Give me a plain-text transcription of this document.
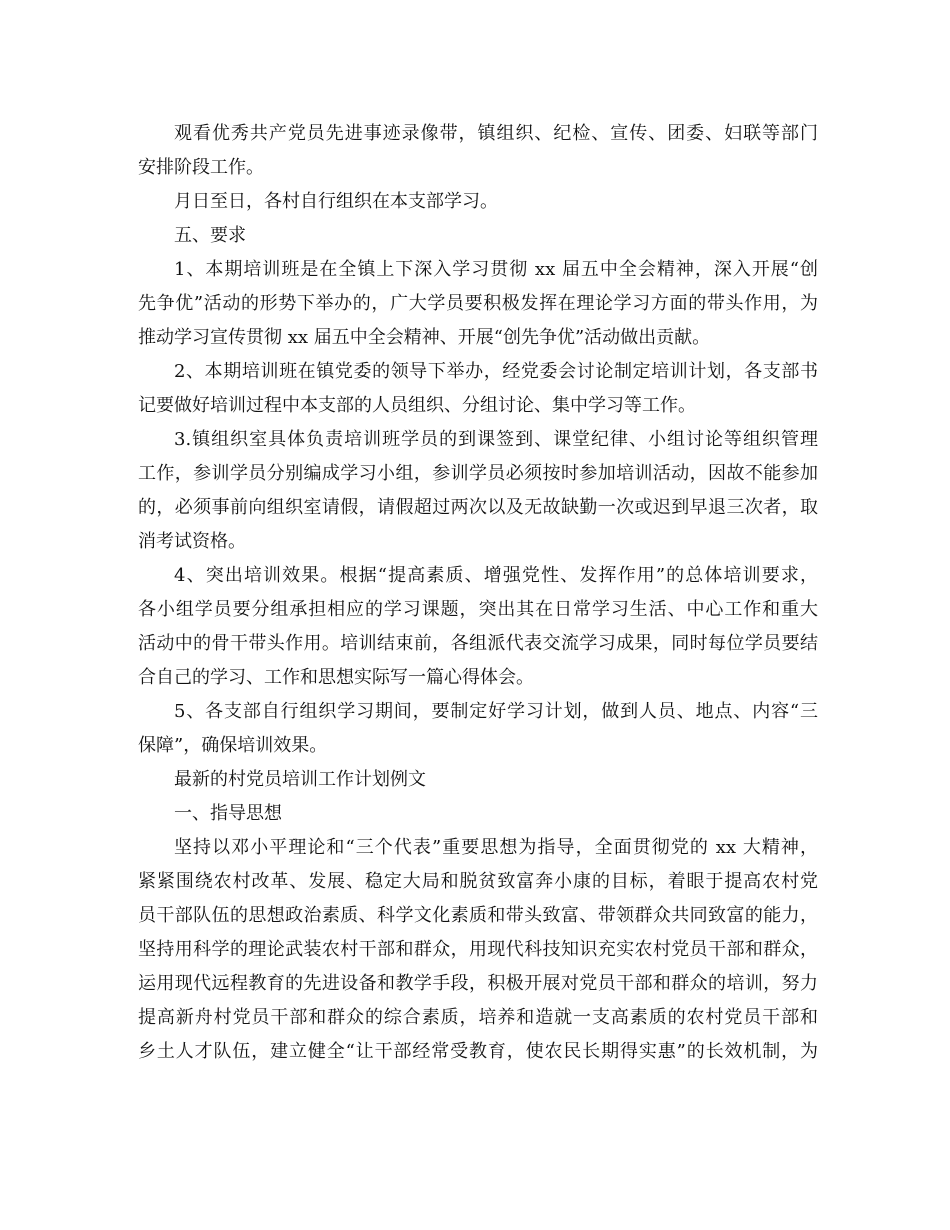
观看优秀共产党员先进事迹录像带，镇组织、纪检、宣传、团委、妇联等部门

安排阶段工作。

月日至日，各村自行组织在本支部学习。

五、要求

1、本期培训班是在全镇上下深入学习贯彻 xx 届五中全会精神，深入开展“创

先争优”活动的形势下举办的，广大学员要积极发挥在理论学习方面的带头作用，为

推动学习宣传贯彻 xx 届五中全会精神、开展“创先争优”活动做出贡献。

2、本期培训班在镇党委的领导下举办，经党委会讨论制定培训计划，各支部书

记要做好培训过程中本支部的人员组织、分组讨论、集中学习等工作。

3.镇组织室具体负责培训班学员的到课签到、课堂纪律、小组讨论等组织管理

工作，参训学员分别编成学习小组，参训学员必须按时参加培训活动，因故不能参加

的，必须事前向组织室请假，请假超过两次以及无故缺勤一次或迟到早退三次者，取

消考试资格。

4、突出培训效果。根据“提高素质、增强党性、发挥作用”的总体培训要求，

各小组学员要分组承担相应的学习课题，突出其在日常学习生活、中心工作和重大

活动中的骨干带头作用。培训结束前，各组派代表交流学习成果，同时每位学员要结

合自己的学习、工作和思想实际写一篇心得体会。

5、各支部自行组织学习期间，要制定好学习计划，做到人员、地点、内容“三

保障”，确保培训效果。

最新的村党员培训工作计划例文

一、指导思想

坚持以邓小平理论和“三个代表”重要思想为指导，全面贯彻党的 xx 大精神，

紧紧围绕农村改革、发展、稳定大局和脱贫致富奔小康的目标，着眼于提高农村党

员干部队伍的思想政治素质、科学文化素质和带头致富、带领群众共同致富的能力，

坚持用科学的理论武装农村干部和群众，用现代科技知识充实农村党员干部和群众，

运用现代远程教育的先进设备和教学手段，积极开展对党员干部和群众的培训，努力

提高新舟村党员干部和群众的综合素质，培养和造就一支高素质的农村党员干部和

乡土人才队伍，建立健全“让干部经常受教育，使农民长期得实惠”的长效机制，为
